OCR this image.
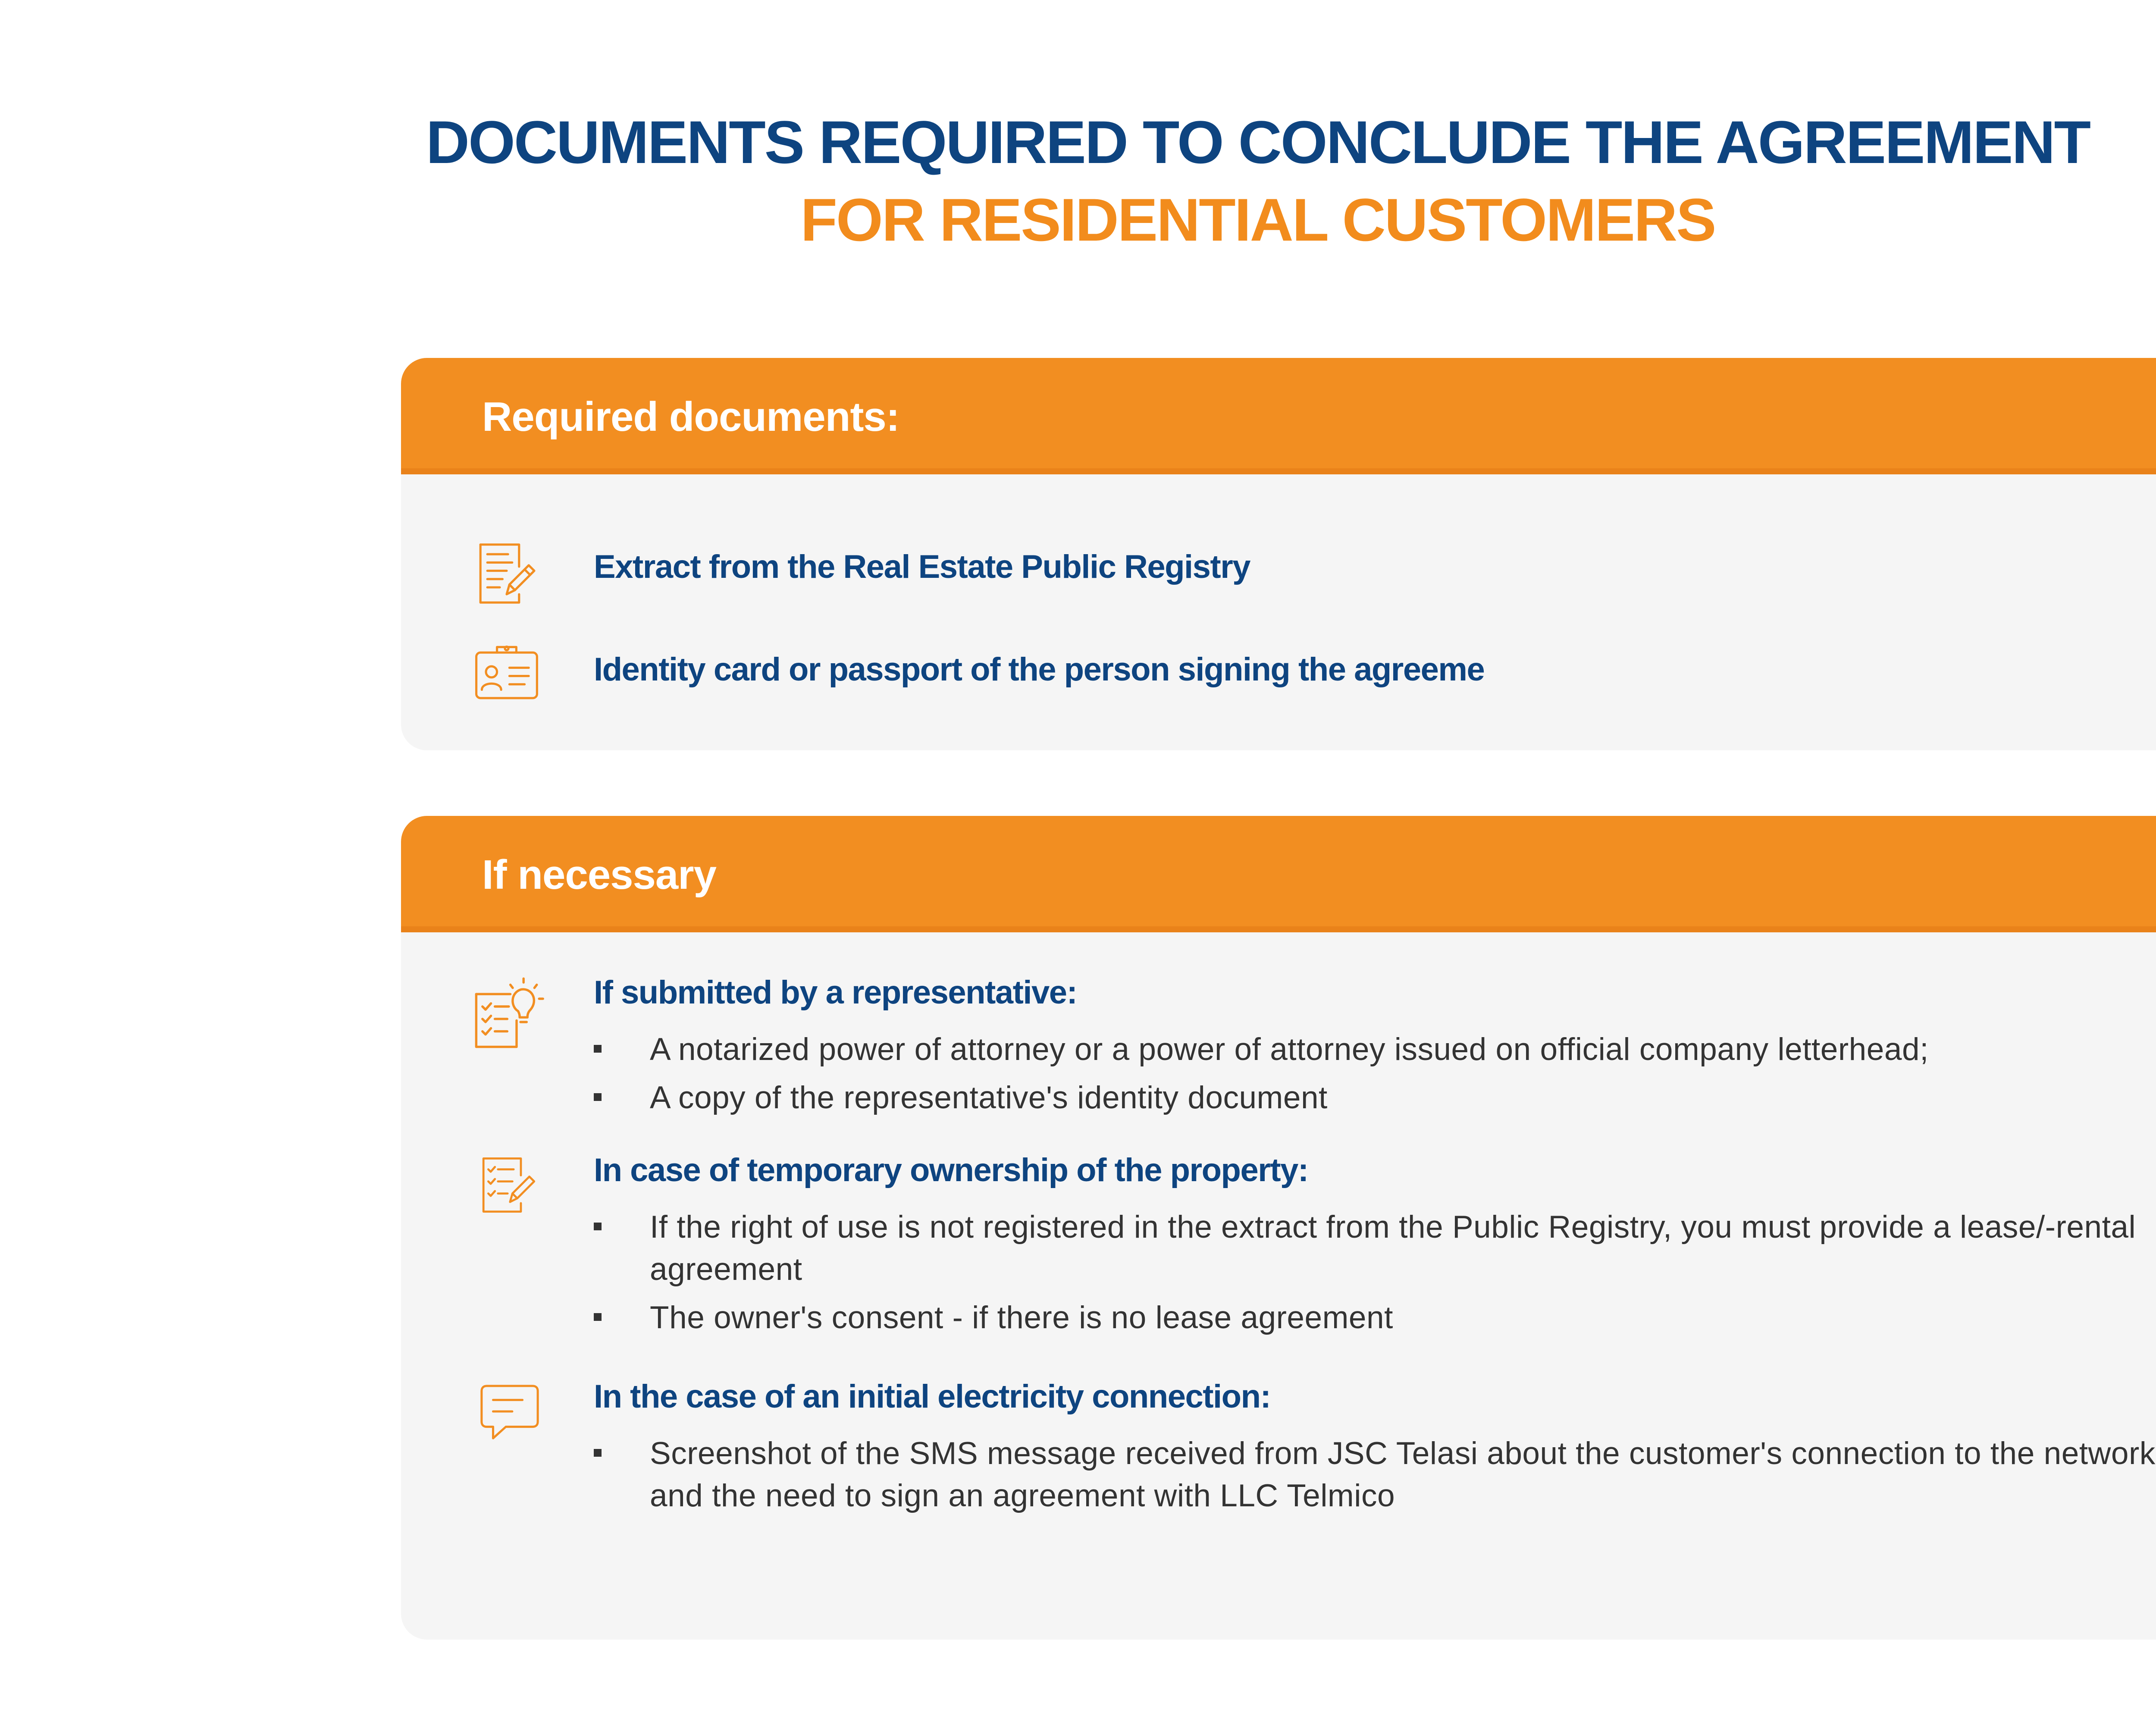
DOCUMENTS REQUIRED TO CONCLUDE THE AGREEMENT
FOR RESIDENTIAL CUSTOMERS
Required documents:
Extract from the Real Estate Public Registry
Identity card or passport of the person signing the agreeme
If necessary
If submitted by a representative:
A notarized power of attorney or a power of attorney issued on official company letterhead;
A copy of the representative's identity document
In case of temporary ownership of the property:
If the right of use is not registered in the extract from the Public Registry, you must provide a lease/-rental agreement
The owner's consent - if there is no lease agreement
In the case of an initial electricity connection:
Screenshot of the SMS message received from JSC Telasi about the customer's connection to the network and the need to sign an agreement with LLC Telmico
